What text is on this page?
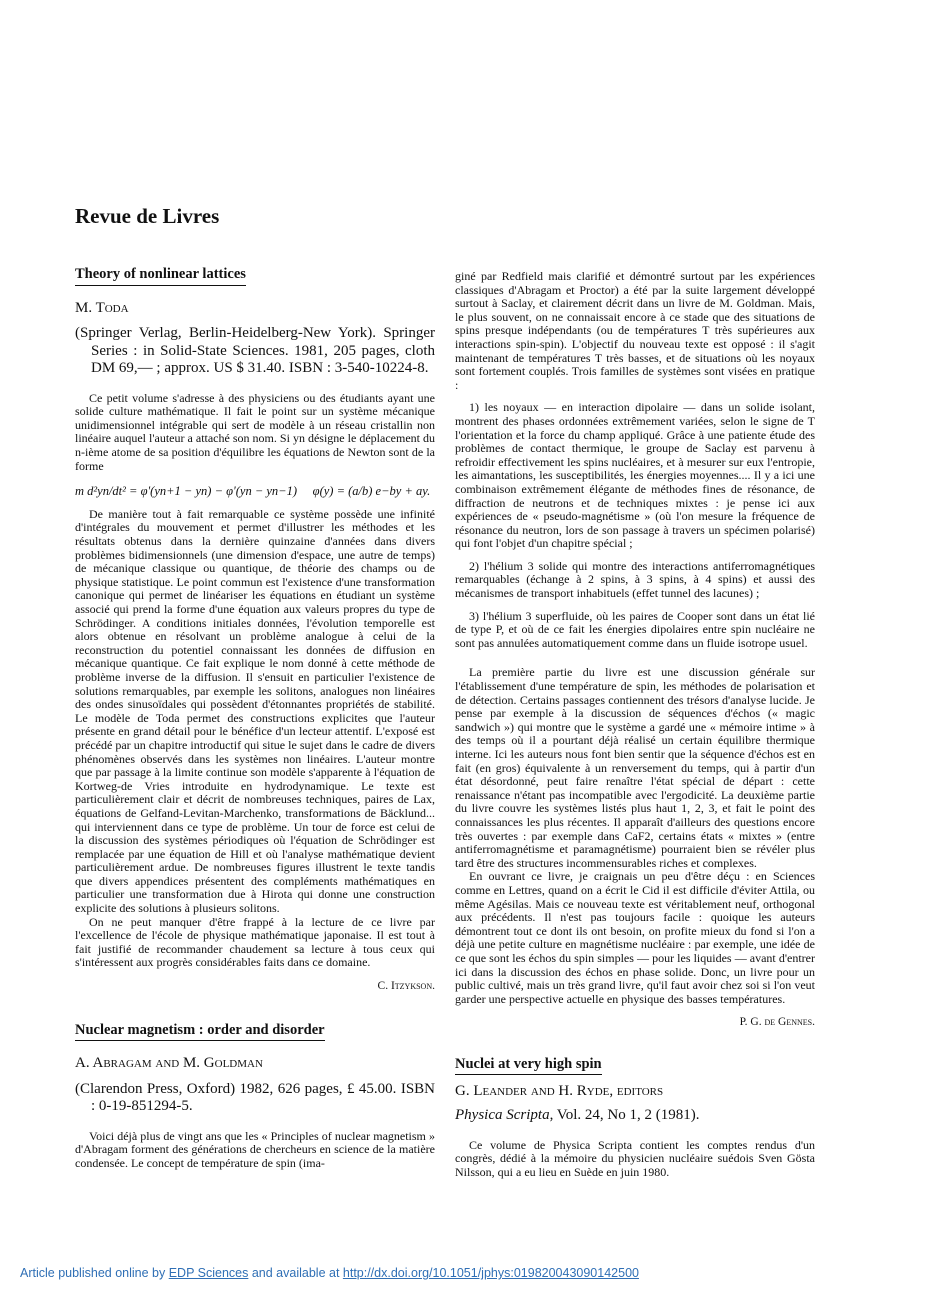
Revue de Livres
Theory of nonlinear lattices
M. Toda

(Springer Verlag, Berlin-Heidelberg-New York). Springer Series : in Solid-State Sciences. 1981, 205 pages, cloth DM 69,— ; approx. US $ 31.40. ISBN : 3-540-10224-8.

Ce petit volume s'adresse à des physiciens ou des étudiants ayant une solide culture mathématique. Il fait le point sur un système mécanique unidimensionnel intégrable qui sert de modèle à un réseau cristallin non linéaire auquel l'auteur a attaché son nom. Si yn désigne le déplacement du n-ième atome de sa position d'équilibre les équations de Newton sont de la forme

m d²yn/dt² = φ'(yn+1 − yn) − φ'(yn − yn−1) φ(y) = (a/b) e−by + ay.

De manière tout à fait remarquable ce système possède une infinité d'intégrales du mouvement et permet d'illustrer les méthodes et les résultats obtenus dans la dernière quinzaine d'années dans divers problèmes bidimensionnels (une dimension d'espace, une autre de temps) de mécanique classique ou quantique, de théorie des champs ou de physique statistique. Le point commun est l'existence d'une transformation canonique qui permet de linéariser les équations en étudiant un système associé qui prend la forme d'une équation aux valeurs propres du type de Schrödinger. A conditions initiales données, l'évolution temporelle est alors obtenue en résolvant un problème analogue à celui de la reconstruction du potentiel connaissant les données de diffusion en mécanique quantique. Ce fait explique le nom donné à cette méthode de problème inverse de la diffusion. Il s'ensuit en particulier l'existence de solutions remarquables, par exemple les solitons, analogues non linéaires des ondes sinusoïdales qui possèdent d'étonnantes propriétés de stabilité. Le modèle de Toda permet des constructions explicites que l'auteur présente en grand détail pour le bénéfice d'un lecteur attentif. L'exposé est précédé par un chapitre introductif qui situe le sujet dans le cadre de divers phénomènes observés dans les systèmes non linéaires. L'auteur montre que par passage à la limite continue son modèle s'apparente à l'équation de Kortweg-de Vries introduite en hydrodynamique. Le texte est particulièrement clair et décrit de nombreuses techniques, paires de Lax, équations de Gelfand-Levitan-Marchenko, transformations de Bäcklund... qui interviennent dans ce type de problème. Un tour de force est celui de la discussion des systèmes périodiques où l'équation de Schrödinger est remplacée par une équation de Hill et où l'analyse mathématique devient particulièrement ardue. De nombreuses figures illustrent le texte tandis que divers appendices présentent des compléments mathématiques en particulier une transformation due à Hirota qui donne une construction explicite des solutions à plusieurs solitons.

On ne peut manquer d'être frappé à la lecture de ce livre par l'excellence de l'école de physique mathématique japonaise. Il est tout à fait justifié de recommander chaudement sa lecture à tous ceux qui s'intéressent aux progrès considérables faits dans ce domaine.

C. Itzykson.

Nuclear magnetism : order and disorder
A. Abragam and M. Goldman

(Clarendon Press, Oxford) 1982, 626 pages, £ 45.00. ISBN : 0-19-851294-5.

Voici déjà plus de vingt ans que les « Principles of nuclear magnetism » d'Abragam forment des générations de chercheurs en science de la matière condensée. Le concept de température de spin (ima-

giné par Redfield mais clarifié et démontré surtout par les expériences classiques d'Abragam et Proctor) a été par la suite largement développé surtout à Saclay, et clairement décrit dans un livre de M. Goldman. Mais, le plus souvent, on ne connaissait encore à ce stade que des situations de spins presque indépendants (ou de températures T très supérieures aux interactions spin-spin). L'objectif du nouveau texte est opposé : il s'agit maintenant de températures T très basses, et de situations où les noyaux sont fortement couplés. Trois familles de systèmes sont visées en pratique :

1) les noyaux — en interaction dipolaire — dans un solide isolant, montrent des phases ordonnées extrêmement variées, selon le signe de T l'orientation et la force du champ appliqué. Grâce à une patiente étude des problèmes de contact thermique, le groupe de Saclay est parvenu à refroidir effectivement les spins nucléaires, et à mesurer sur eux l'entropie, les aimantations, les susceptibilités, les énergies moyennes.... Il y a ici une combinaison extrêmement élégante de méthodes fines de résonance, de diffraction de neutrons et de techniques mixtes : je pense ici aux expériences de « pseudo-magnétisme » (où l'on mesure la fréquence de résonance du neutron, lors de son passage à travers un spécimen polarisé) qui font l'objet d'un chapitre spécial ;

2) l'hélium 3 solide qui montre des interactions antiferromagnétiques remarquables (échange à 2 spins, à 3 spins, à 4 spins) et aussi des mécanismes de transport inhabituels (effet tunnel des lacunes) ;

3) l'hélium 3 superfluide, où les paires de Cooper sont dans un état lié de type P, et où de ce fait les énergies dipolaires entre spin nucléaire ne sont pas annulées automatiquement comme dans un fluide isotrope usuel.

La première partie du livre est une discussion générale sur l'établissement d'une température de spin, les méthodes de polarisation et de détection. Certains passages contiennent des trésors d'analyse lucide. Je pense par exemple à la discussion de séquences d'échos (« magic sandwich ») qui montre que le système a gardé une « mémoire intime » à des temps où il a pourtant déjà réalisé un certain équilibre thermique interne. Ici les auteurs nous font bien sentir que la séquence d'échos est en fait (en gros) équivalente à un renversement du temps, qui à partir d'un état désordonné, peut faire renaître l'état spécial de départ : cette renaissance n'étant pas incompatible avec l'ergodicité. La deuxième partie du livre couvre les systèmes listés plus haut 1, 2, 3, et fait le point des connaissances les plus récentes. Il apparaît d'ailleurs des questions encore très ouvertes : par exemple dans CaF2, certains états « mixtes » (entre antiferromagnétisme et paramagnétisme) pourraient bien se révéler plus tard être des structures incommensurables riches et complexes.

En ouvrant ce livre, je craignais un peu d'être déçu : en Sciences comme en Lettres, quand on a écrit le Cid il est difficile d'éviter Attila, ou même Agésilas. Mais ce nouveau texte est véritablement neuf, orthogonal aux précédents. Il n'est pas toujours facile : quoique les auteurs démontrent tout ce dont ils ont besoin, on profite mieux du fond si l'on a déjà une petite culture en magnétisme nucléaire : par exemple, une idée de ce que sont les échos du spin simples — pour les liquides — avant d'entrer ici dans la discussion des échos en phase solide. Donc, un livre pour un public cultivé, mais un très grand livre, qu'il faut avoir chez soi si l'on veut garder une perspective actuelle en physique des basses températures.

P. G. de Gennes.

Nuclei at very high spin
G. Leander and H. Ryde, editors

Physica Scripta, Vol. 24, No 1, 2 (1981).

Ce volume de Physica Scripta contient les comptes rendus d'un congrès, dédié à la mémoire du physicien nucléaire suédois Sven Gösta Nilsson, qui a eu lieu en Suède en juin 1980.

Article published online by EDP Sciences and available at http://dx.doi.org/10.1051/jphys:019820043090142500
